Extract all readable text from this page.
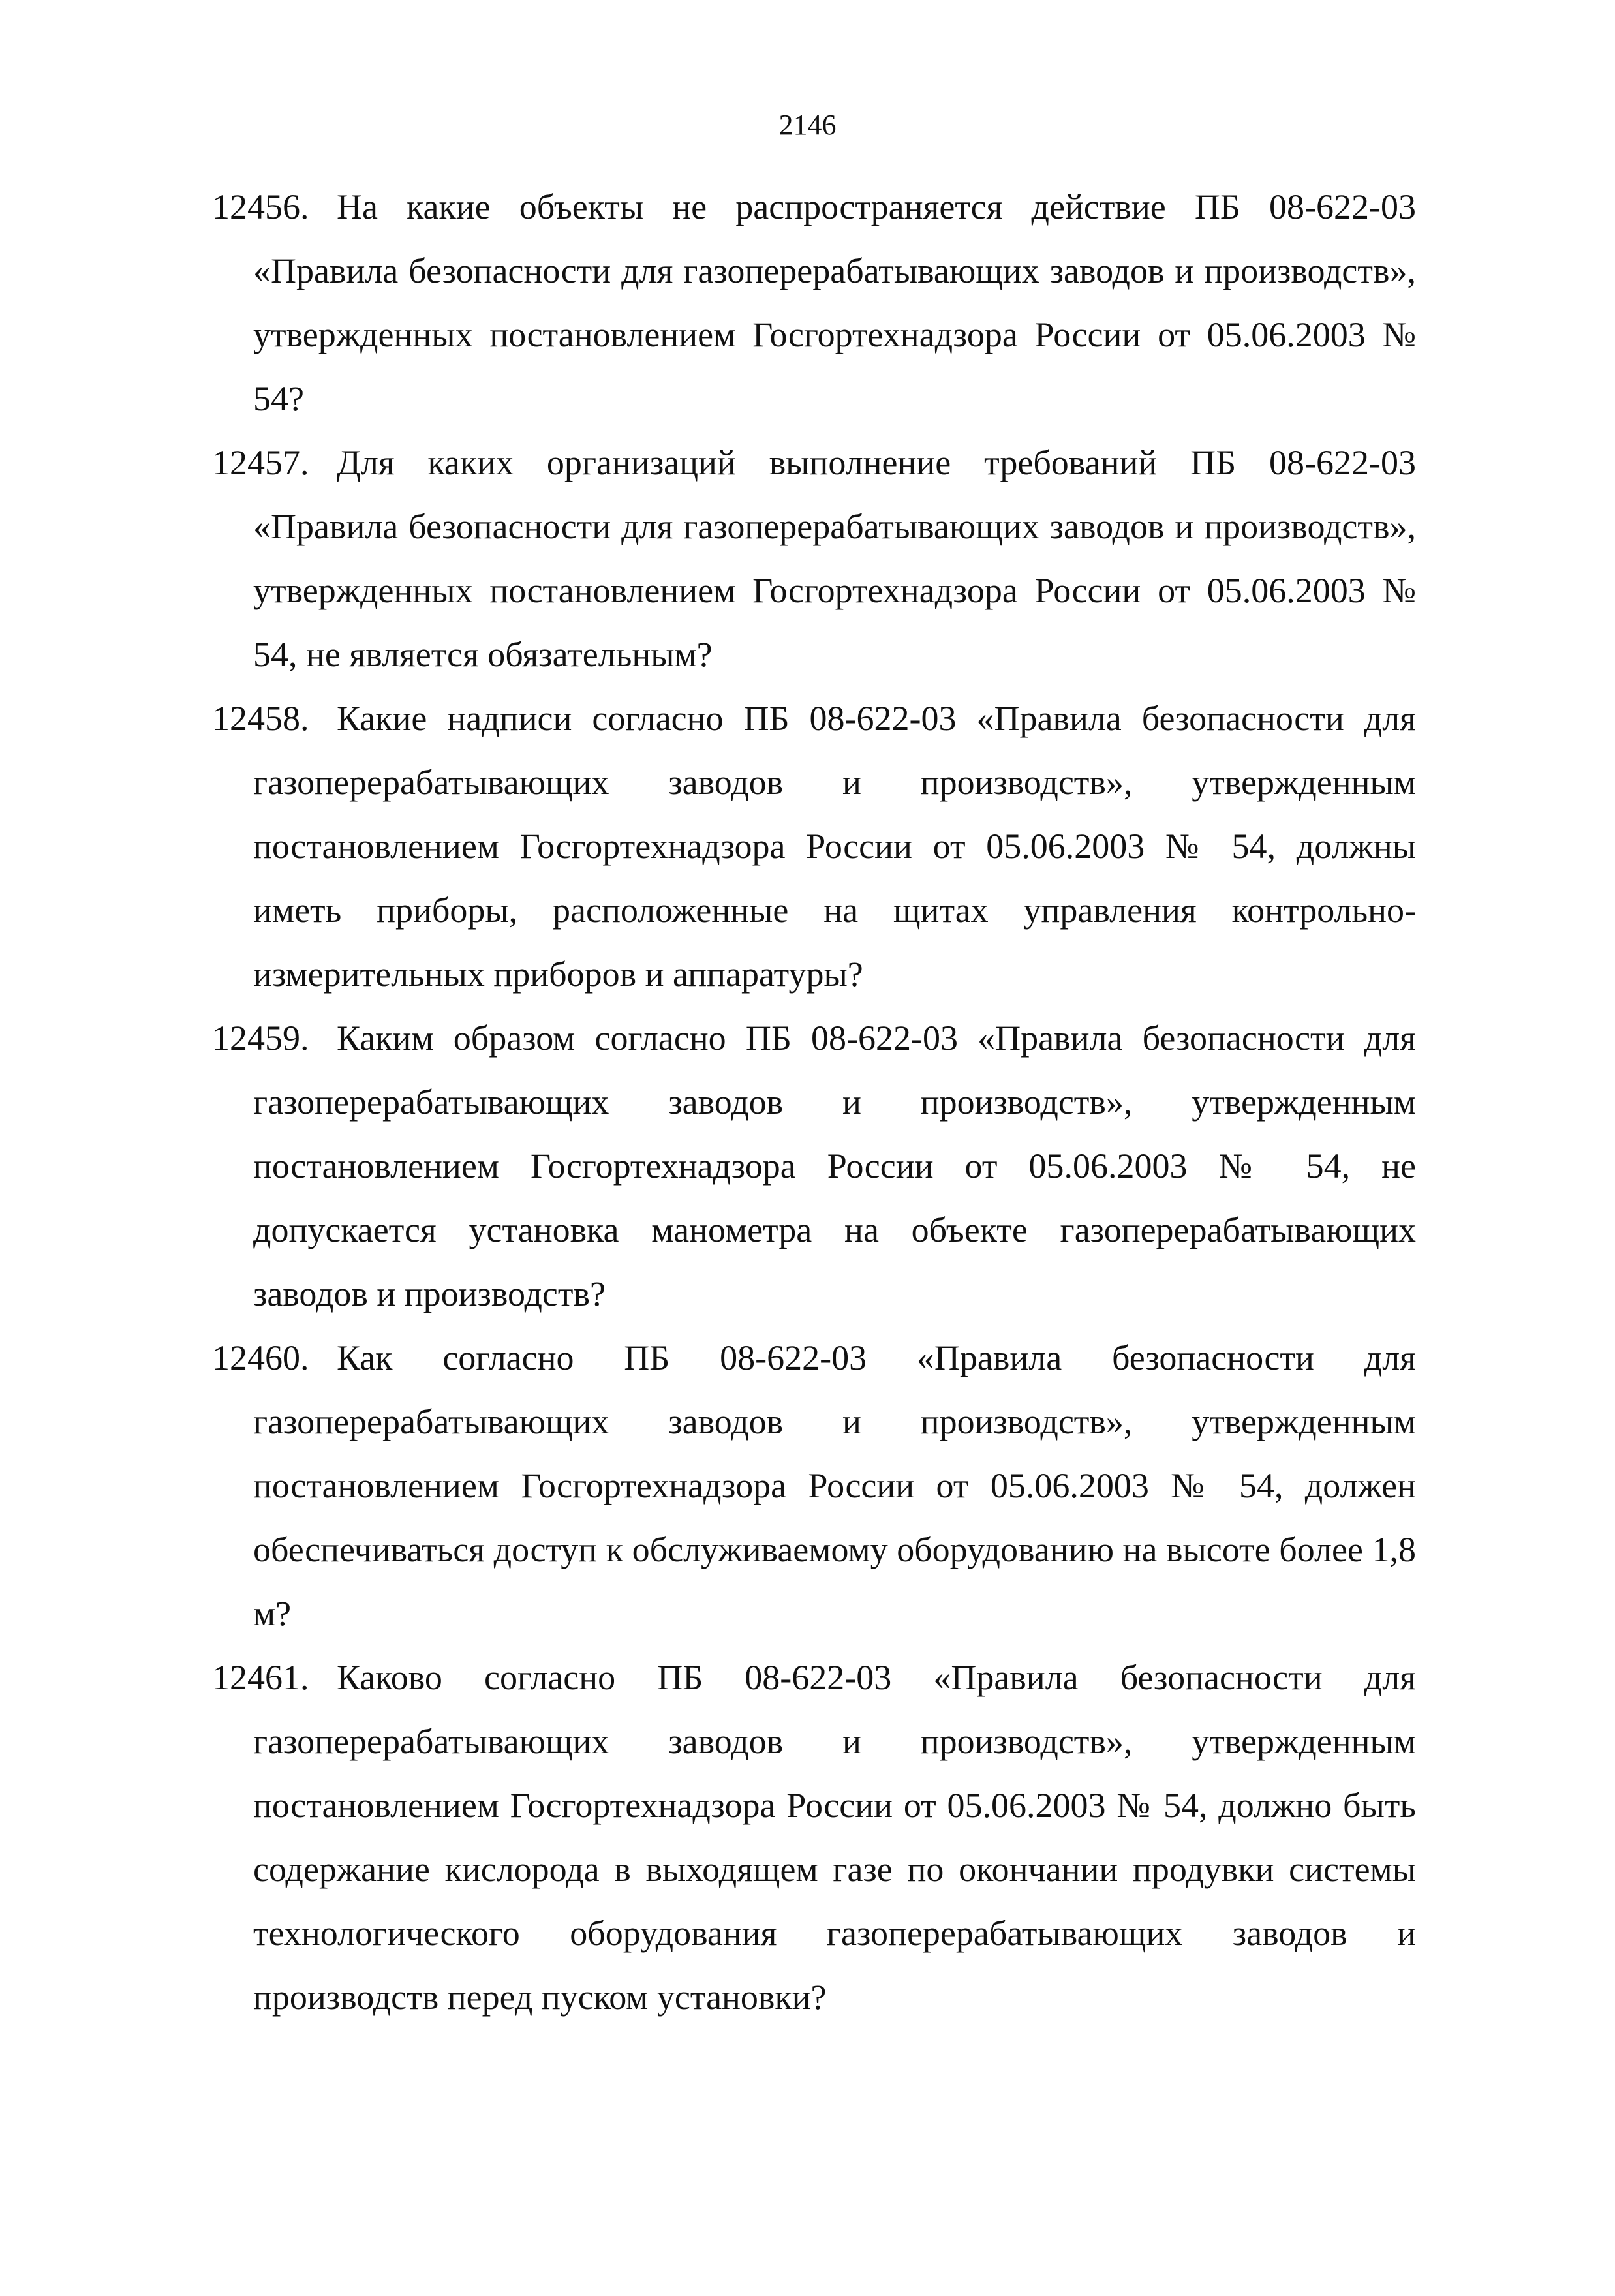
2146
12456. На какие объекты не распространяется действие ПБ 08-622-03 «Правила безопасности для газоперерабатывающих заводов и производств», утвержденных постановлением Госгортехнадзора России от 05.06.2003 № 54?
12457. Для каких организаций выполнение требований ПБ 08-622-03 «Правила безопасности для газоперерабатывающих заводов и производств», утвержденных постановлением Госгортехнадзора России от 05.06.2003 № 54, не является обязательным?
12458. Какие надписи согласно ПБ 08-622-03 «Правила безопасности для газоперерабатывающих заводов и производств», утвержденным постановлением Госгортехнадзора России от 05.06.2003 № 54, должны иметь приборы, расположенные на щитах управления контрольно-измерительных приборов и аппаратуры?
12459. Каким образом согласно ПБ 08-622-03 «Правила безопасности для газоперерабатывающих заводов и производств», утвержденным постановлением Госгортехнадзора России от 05.06.2003 № 54, не допускается установка манометра на объекте газоперерабатывающих заводов и производств?
12460. Как согласно ПБ 08-622-03 «Правила безопасности для газоперерабатывающих заводов и производств», утвержденным постановлением Госгортехнадзора России от 05.06.2003 № 54, должен обеспечиваться доступ к обслуживаемому оборудованию на высоте более 1,8 м?
12461. Каково согласно ПБ 08-622-03 «Правила безопасности для газоперерабатывающих заводов и производств», утвержденным постановлением Госгортехнадзора России от 05.06.2003 № 54, должно быть содержание кислорода в выходящем газе по окончании продувки системы технологического оборудования газоперерабатывающих заводов и производств перед пуском установки?
